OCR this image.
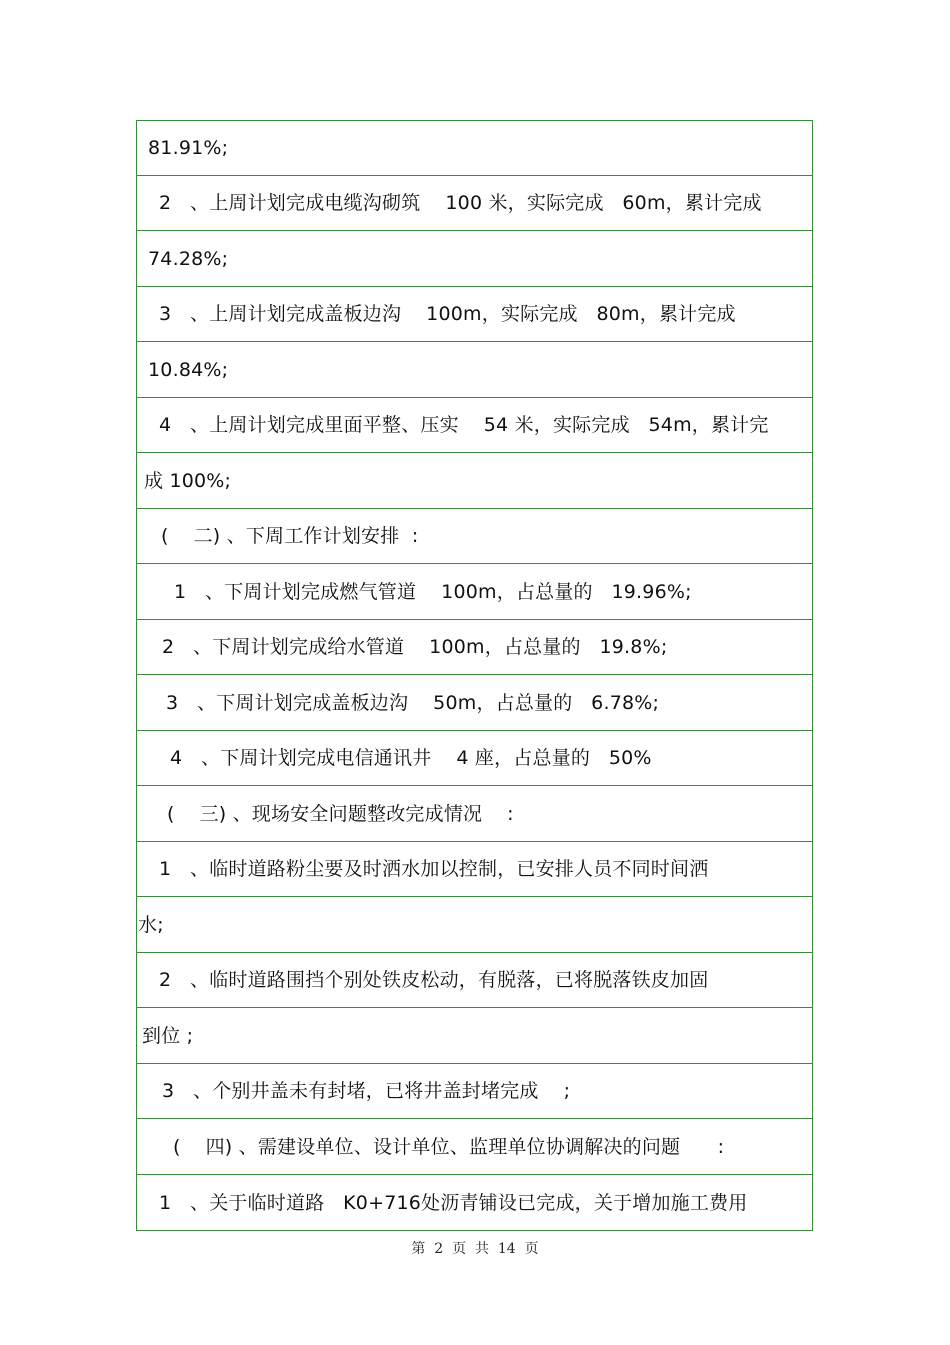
81.91%;
2   、上周计划完成电缆沟砌筑    100 米，实际完成   60m，累计完成
74.28%;
3   、上周计划完成盖板边沟    100m，实际完成   80m，累计完成
10.84%;
4   、上周计划完成里面平整、压实    54 米，实际完成   54m，累计完
成 100%;
(    二) 、下周工作计划安排  :
1   、下周计划完成燃气管道    100m，占总量的   19.96%;
2   、下周计划完成给水管道    100m，占总量的   19.8%;
3   、下周计划完成盖板边沟    50m，占总量的   6.78%;
4   、下周计划完成电信通讯井    4 座，占总量的   50%
(    三) 、现场安全问题整改完成情况    :
1   、临时道路粉尘要及时洒水加以控制，已安排人员不同时间洒
水;
2   、临时道路围挡个别处铁皮松动，有脱落，已将脱落铁皮加固
到位 ;
3   、个别井盖未有封堵，已将井盖封堵完成    ;
(    四) 、需建设单位、设计单位、监理单位协调解决的问题      :
1   、关于临时道路   K0+716处沥青铺设已完成，关于增加施工费用
第  2  页  共  14  页
